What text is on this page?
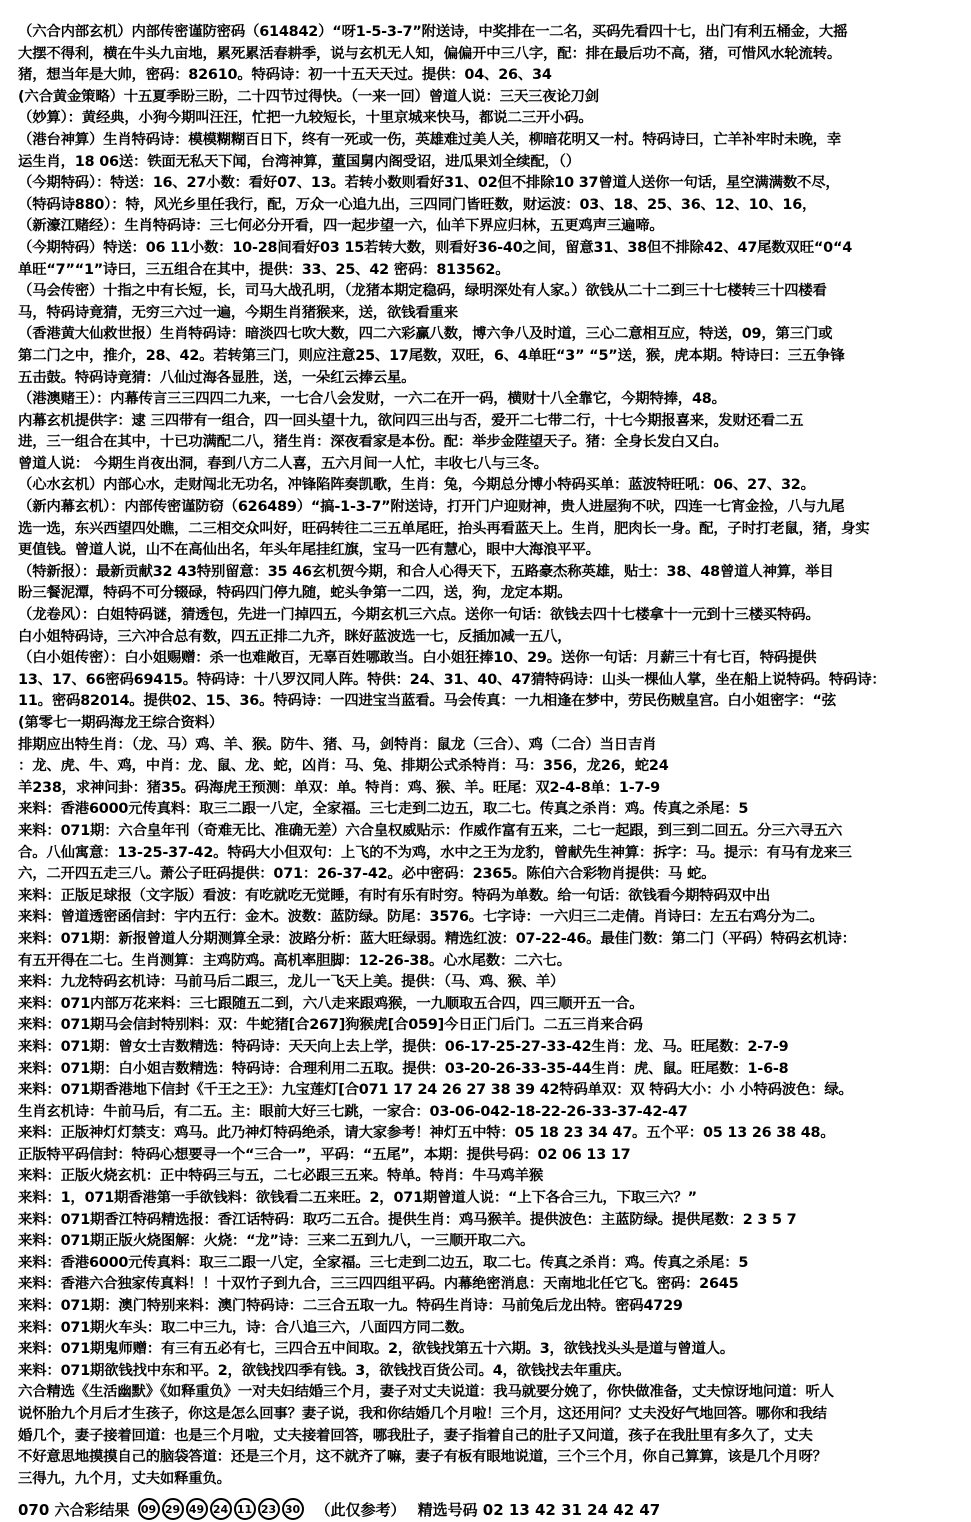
（六合内部玄机）内部传密谨防密码（614842）“呀1-5-3-7”附送诗，中奖排在一二名，买码先看四十七，出门有利五桶金，大摇
大摆不得利，横在牛头九亩地，累死累活春耕季，说与玄机无人知，偏偏开中三八字，配：排在最后功不高，猪，可惜风水轮流转。
猪，想当年是大帅，密码：82610。特码诗：初一十五天天过。提供：04、26、34
(六合黄金策略）十五夏季盼三盼，二十四节过得快。（一来一回）曾道人说：三天三夜论刀剑
（妙算）：黄经典，小狗今期叫汪汪，忙把一九较短长，十里京城来快马，都说二三开小码。
（港台神算）生肖特码诗：模模糊糊百日下，终有一死或一伤，英雄难过美人关，柳暗花明又一村。特码诗曰，亡羊补牢时未晚，幸
运生肖，18 06送：铁面无私天下闻，台湾神算，董国舅内阁受诏，进瓜果刘全续配，（）
（今期特码）：特送：16、27小数：看好07、13。若转小数则看好31、02但不排除10 37曾道人送你一句话，星空满满数不尽，
（特码诗880）：特，风光乡里任我行，配，万众一心追九出，三四同门皆旺数，财运波：03、18、25、36、12、10、16，
（新濠江赌经）：生肖特码诗：三七何必分开看，四一起步望一六，仙羊下界应归林，五更鸡声三遍啼。
（今期特码）特送：06 11小数：10-28间看好03 15若转大数，则看好36-40之间，留意31、38但不排除42、47尾数双旺“0“4
单旺“7”“1”诗曰，三五组合在其中，提供：33、25、42 密码：813562。
（马会传密）十指之中有长短，长，司马大战孔明，（龙猪本期定稳码，绿明深处有人家。）欲钱从二十二到三十七楼转三十四楼看
马，特码诗竟猜，无穷三六过一遍，今期生肖猪猴来，送，欲钱看重来
（香港黄大仙救世报）生肖特码诗：暗淡四七吹大数，四二六彩赢八数，博六争八及时道，三心二意相互应，特送，09，第三门或
第二门之中，推介，28、42。若转第三门，则应注意25、17尾数，双旺，6、4单旺“3” “5”送，猴，虎本期。特诗曰：三五争锋
五击鼓。特码诗竟猜：八仙过海各显胜，送，一朵红云捧云星。
（港澳赌王）：内幕传言三三四四二九来，一七合八会发财，一六二在开一码，横财十八全靠它，今期特捧，48。
内幕玄机提供字：逮 三四带有一组合，四一回头望十九，欲问四三出与否，爱开二七带二行，十七今期报喜来，发财还看二五
进，三一组合在其中，十已功满配二八，猪生肖：深夜看家是本份。配：举步金陛望天子。猪：全身长发白又白。
曾道人说： 今期生肖夜出洞，春到八方二人喜，五六月间一人忙，丰收七八与三冬。
（心水玄机）内部心水，走财闯北无功名，冲锋陷阵奏凯歌，生肖：兔，今期总分博小特码买单：蓝波特旺吼：06、27、32。
（新内幕玄机）：内部传密谨防窃（626489）“搞-1-3-7”附送诗，打开门户迎财神，贵人进屋狗不吠，四连一七宵金捡，八与九尾
选一选，东兴西望四处瞧，二三相交众叫好，旺码转往二三五单尾旺，抬头再看蓝天上。生肖，肥肉长一身。配，子时打老鼠，猪，身实
更值钱。曾道人说，山不在高仙出名，年头年尾挂红旗，宝马一匹有慧心，眼中大海浪平平。
（特新报）：最新贡献32 43特别留意：35 46玄机贺今期，和合人心得天下，五路豪杰称英雄，贴士：38、48曾道人神算，举目
盼三餐泥潭，特码不可分辍碌，特码四门停九随，蛇头争第一二四，送，狗，龙定本期。
（龙卷风）：白姐特码谜，猜透包，先进一门掉四五，今期玄机三六点。送你一句话：欲钱去四十七楼拿十一元到十三楼买特码。
白小姐特码诗，三六冲合总有数，四五正排二九齐，眯好蓝波选一七，反插加减一五八，
（白小姐传密）：白小姐赐赠：杀一也难敞百，无辜百姓哪敢当。白小姐狂捧10、29。送你一句话：月薪三十有七百，特码提供
13、17、66密码69415。特码诗：十八罗汉同人阵。特供：24、31、40、47猜特码诗：山头一棵仙人掌，坐在船上说特码。特码诗：
11。密码82014。提供02、15、36。特码诗：一四进宝当蓝看。马会传真：一九相逢在梦中，劳民伤贼皇宫。白小姐密字：“弦
(第零七一期码海龙王综合资料）
排期应出特生肖：（龙、马）鸡、羊、猴。防牛、猪、马，剑特肖：鼠龙（三合）、鸡（二合）当日吉肖
：龙、虎、牛、鸡，中肖：龙、鼠、龙、蛇，凶肖：马、兔、排期公式杀特肖：马：356，龙26，蛇24
羊238，求神问卦：猪35。码海虎王预测：单双：单。特肖：鸡、猴、羊。旺尾：双2-4-8单：1-7-9
来料：香港6000元传真料：取三二跟一八定，全家福。三七走到二边五，取二七。传真之杀肖：鸡。传真之杀尾：5
来料：071期：六合皇年刊（奇难无比、准确无差）六合皇权威贴示：作威作富有五来，二七一起跟，到三到二回五。分三六寻五六
合。八仙寓意：13-25-37-42。特码大小但双句：上飞的不为鸡，水中之王为龙豹，曾献先生神算：拆字：马。提示：有马有龙来三
六，二开四五走三八。萧公子旺码提供：071：26-37-42。必中密码：2365。陈伯六合彩物肖提供：马 蛇。
来料：正版足球报（文字版）看波：有吃就吃无觉睡，有时有乐有时穷。特码为单数。给一句话：欲钱看今期特码双中出
来料：曾道透密函信封：宇内五行：金木。波数：蓝防绿。防尾：3576。七字诗：一六归三二走倩。肖诗曰：左五右鸡分为二。
来料：071期：新报曾道人分期测算全录：波路分析：蓝大旺绿弱。精选红波：07-22-46。最佳门数：第二门（平码）特码玄机诗：
有五开得在二七。生肖测算：主鸡防鸡。高机率胆脚：12-26-38。心水尾数：二六七。
来料：九龙特码玄机诗：马前马后二跟三，龙儿一飞天上美。提供：（马、鸡、猴、羊）
来料：071内部万花来料：三七跟随五二到，六八走来跟鸡猴，一九顺取五合四，四三顺开五一合。
来料：071期马会信封特别料：双：牛蛇猪[合267]狗猴虎[合059]今日正门后门。二五三肖来合码
来料：071期：曾女士吉数精选：特码诗：天天向上去上学，提供：06-17-25-27-33-42生肖：龙、马。旺尾数：2-7-9
来料：071期：白小姐吉数精选：特码诗：合理利用二五取。提供：03-20-26-33-35-44生肖：虎、鼠。旺尾数：1-6-8
来料：071期香港地下信封《千王之王》：九宝莲灯[合071 17 24 26 27 38 39 42特码单双：双 特码大小：小 小特码波色：绿。
生肖玄机诗：牛前马后，有二五。主：眼前大好三七跳，一家合：03-06-042-18-22-26-33-37-42-47
来料：正版神灯灯禁支：鸡马。此乃神灯特码绝杀，请大家参考！神灯五中特：05 18 23 34 47。五个平：05 13 26 38 48。
正版特平码信封：特码心想要寻一个“三合一”，平码：“五尾”，本期：提供号码：02 06 13 17
来料：正版火烧玄机：正中特码三与五，二七必跟三五来。特单。特肖：牛马鸡羊猴
来料：1，071期香港第一手欲钱料：欲钱看二五来旺。2，071期曾道人说：“上下各合三九，下取三六？”
来料：071期香江特码精选报：香江话特码：取巧二五合。提供生肖：鸡马猴羊。提供波色：主蓝防绿。提供尾数：2 3 5 7
来料：071期正版火烧图解：火烧：“龙”诗：三来二五到九八，一三顺开取二六。
来料：香港6000元传真料：取三二跟一八定，全家福。三七走到二边五，取二七。传真之杀肖：鸡。传真之杀尾：5
来料：香港六合独家传真料！！十双竹子到九合，三三四四组平码。内幕绝密消息：天南地北任它飞。密码：2645
来料：071期：澳门特别来料：澳门特码诗：二三合五取一九。特码生肖诗：马前兔后龙出特。密码4729
来料：071期火车头：取二中三九，诗：合八追三六，八面四方同二数。
来料：071期鬼师赠：有三有五必有七，三四合五中间取。2，欲钱找第五十六期。3，欲钱找头头是道与曾道人。
来料：071期欲钱找中东和平。2，欲钱找四季有钱。3，欲钱找百货公司。4，欲钱找去年重庆。
六合精选《生活幽默》《如释重负》一对夫妇结婚三个月，妻子对丈夫说道：我马就要分娩了，你快做准备，丈夫惊讶地问道：听人
说怀胎九个月后才生孩子，你这是怎么回事？妻子说，我和你结婚几个月啦！三个月，这还用问？丈夫没好气地回答。哪你和我结
婚几个，妻子接着回道：也是三个月啦，丈夫接着回答，哪我肚子，妻子指着自己的肚子又问道，孩子在我肚里有多久了，丈夫
不好意思地摸摸自己的脑袋答道：还是三个月，这不就齐了嘛，妻子有板有眼地说道，三个三个月，你自己算算，该是几个月呀？
三得九，九个月，丈夫如释重负。
070 六合彩结果	09 29 49 24 11 23 30 （此仅参考） 精选号码 02 13 42 31 24 42 47
